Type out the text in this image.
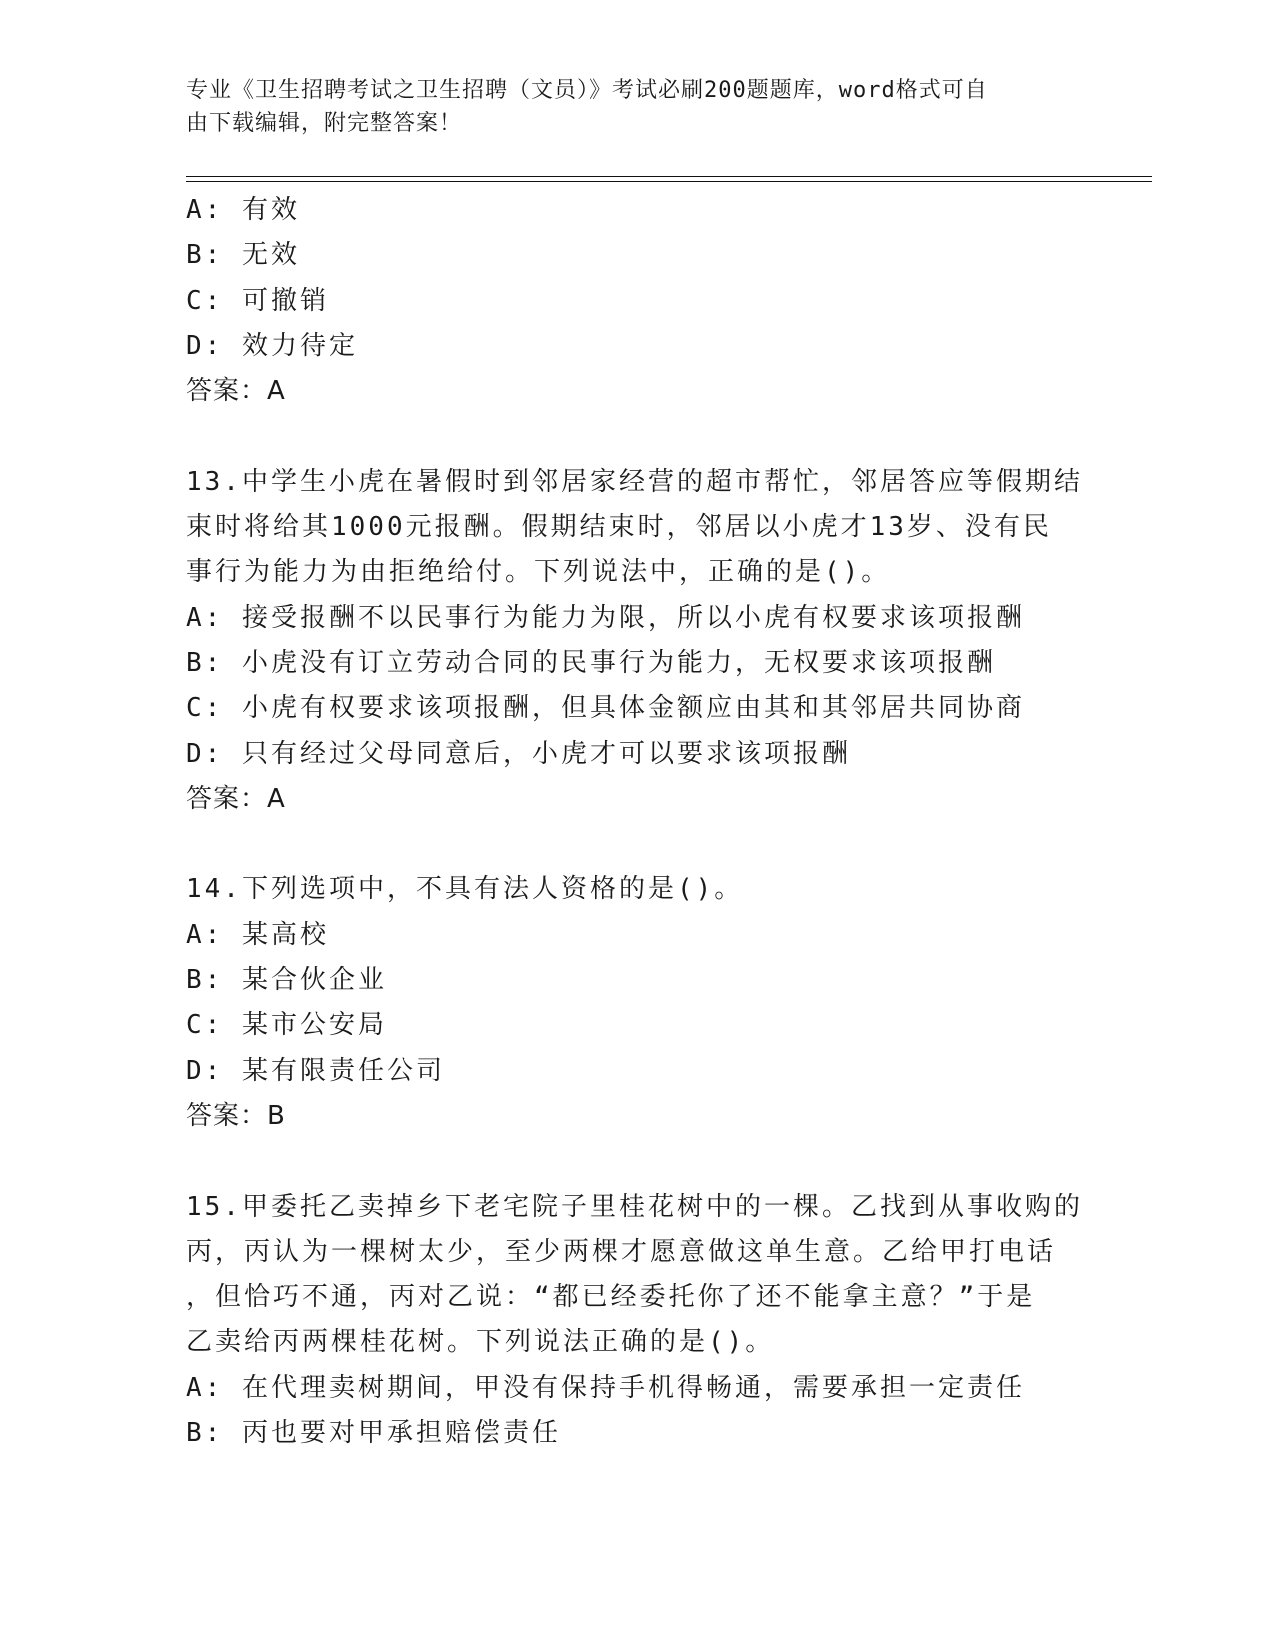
专业《卫生招聘考试之卫生招聘（文员）》考试必刷200题题库，word格式可自
由下载编辑，附完整答案！
A: 有效
B: 无效
C: 可撤销
D: 效力待定
答案：A
13.中学生小虎在暑假时到邻居家经营的超市帮忙，邻居答应等假期结
束时将给其1000元报酬。假期结束时，邻居以小虎才13岁、没有民
事行为能力为由拒绝给付。下列说法中，正确的是()。
A: 接受报酬不以民事行为能力为限，所以小虎有权要求该项报酬
B: 小虎没有订立劳动合同的民事行为能力，无权要求该项报酬
C: 小虎有权要求该项报酬，但具体金额应由其和其邻居共同协商
D: 只有经过父母同意后，小虎才可以要求该项报酬
答案：A
14.下列选项中，不具有法人资格的是()。
A: 某高校
B: 某合伙企业
C: 某市公安局
D: 某有限责任公司
答案：B
15.甲委托乙卖掉乡下老宅院子里桂花树中的一棵。乙找到从事收购的
丙，丙认为一棵树太少，至少两棵才愿意做这单生意。乙给甲打电话
，但恰巧不通，丙对乙说：“都已经委托你了还不能拿主意？”于是
乙卖给丙两棵桂花树。下列说法正确的是()。
A: 在代理卖树期间，甲没有保持手机得畅通，需要承担一定责任
B: 丙也要对甲承担赔偿责任
